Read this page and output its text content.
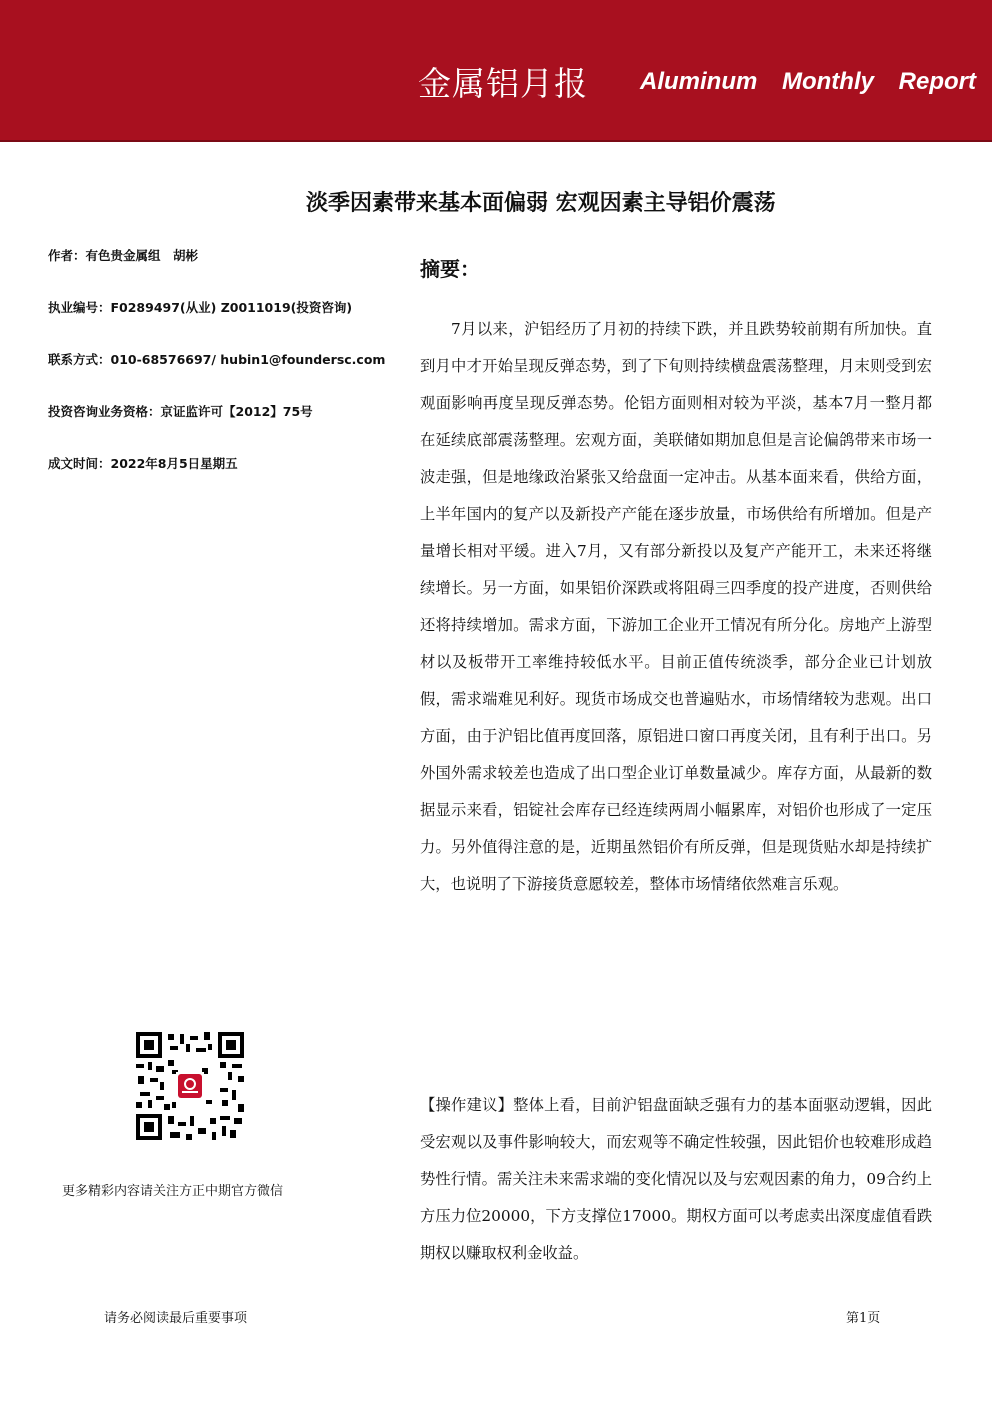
金属铝月报 Aluminum Monthly Report
淡季因素带来基本面偏弱 宏观因素主导铝价震荡
作者：有色贵金属组　胡彬
执业编号：F0289497(从业) Z0011019(投资咨询)
联系方式：010-68576697/ hubin1@foundersc.com
投资咨询业务资格：京证监许可【2012】75号
成文时间：2022年8月5日星期五
摘要：
7月以来，沪铝经历了月初的持续下跌，并且跌势较前期有所加快。直到月中才开始呈现反弹态势，到了下旬则持续横盘震荡整理，月末则受到宏观面影响再度呈现反弹态势。伦铝方面则相对较为平淡，基本7月一整月都在延续底部震荡整理。宏观方面，美联储如期加息但是言论偏鸽带来市场一波走强，但是地缘政治紧张又给盘面一定冲击。从基本面来看，供给方面，上半年国内的复产以及新投产产能在逐步放量，市场供给有所增加。但是产量增长相对平缓。进入7月，又有部分新投以及复产产能开工，未来还将继续增长。另一方面，如果铝价深跌或将阻碍三四季度的投产进度，否则供给还将持续增加。需求方面，下游加工企业开工情况有所分化。房地产上游型材以及板带开工率维持较低水平。目前正值传统淡季，部分企业已计划放假，需求端难见利好。现货市场成交也普遍贴水，市场情绪较为悲观。出口方面，由于沪铝比值再度回落，原铝进口窗口再度关闭，且有利于出口。另外国外需求较差也造成了出口型企业订单数量减少。库存方面，从最新的数据显示来看，铝锭社会库存已经连续两周小幅累库，对铝价也形成了一定压力。另外值得注意的是，近期虽然铝价有所反弹，但是现货贴水却是持续扩大，也说明了下游接货意愿较差，整体市场情绪依然难言乐观。
【操作建议】整体上看，目前沪铝盘面缺乏强有力的基本面驱动逻辑，因此受宏观以及事件影响较大，而宏观等不确定性较强，因此铝价也较难形成趋势性行情。需关注未来需求端的变化情况以及与宏观因素的角力，09合约上方压力位20000，下方支撑位17000。期权方面可以考虑卖出深度虚值看跌期权以赚取权利金收益。
更多精彩内容请关注方正中期官方微信
请务必阅读最后重要事项	第1页
